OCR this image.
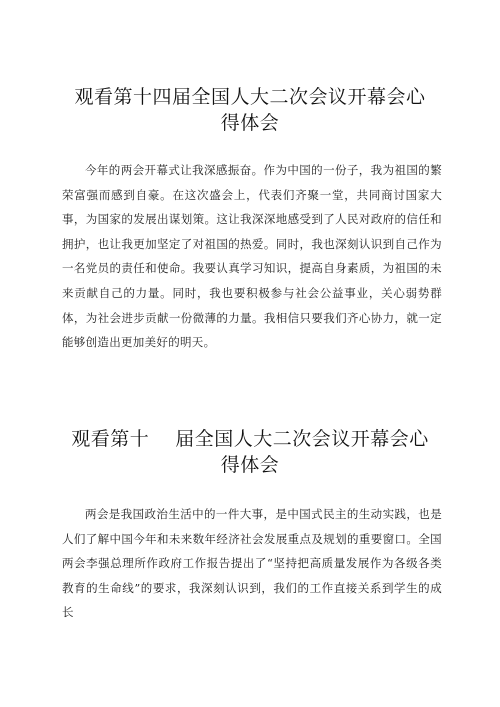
观看第十四届全国人大二次会议开幕会心
得体会

今年的两会开幕式让我深感振奋。作为中国的一份子，我为祖国的繁荣富强而感到自豪。在这次盛会上，代表们齐聚一堂，共同商讨国家大事，为国家的发展出谋划策。这让我深深地感受到了人民对政府的信任和拥护，也让我更加坚定了对祖国的热爱。同时，我也深刻认识到自己作为一名党员的责任和使命。我要认真学习知识，提高自身素质，为祖国的未来贡献自己的力量。同时，我也要积极参与社会公益事业，关心弱势群体，为社会进步贡献一份微薄的力量。我相信只要我们齐心协力，就一定能够创造出更加美好的明天。

观看第十　 届全国人大二次会议开幕会心
得体会

两会是我国政治生活中的一件大事，是中国式民主的生动实践，也是人们了解中国今年和未来数年经济社会发展重点及规划的重要窗口。全国两会李强总理所作政府工作报告提出了“坚持把高质量发展作为各级各类教育的生命线”的要求，我深刻认识到，我们的工作直接关系到学生的成长
